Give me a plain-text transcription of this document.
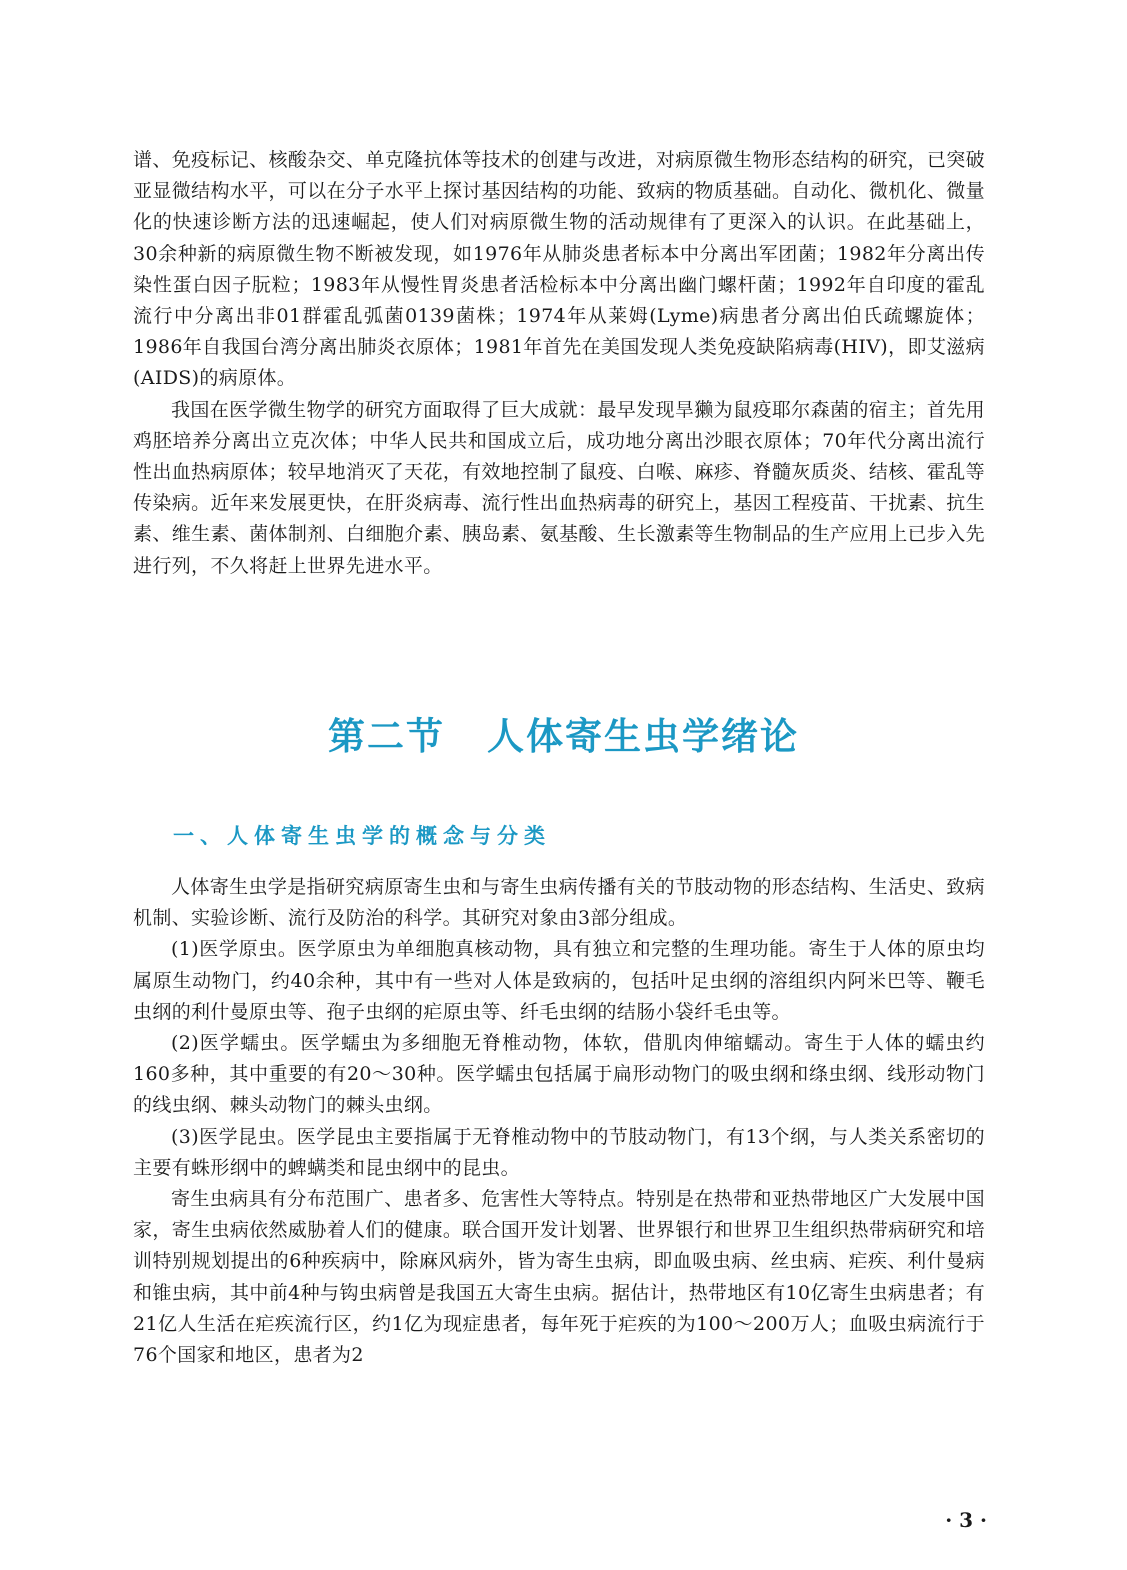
谱、免疫标记、核酸杂交、单克隆抗体等技术的创建与改进，对病原微生物形态结构的研究，已突破亚显微结构水平，可以在分子水平上探讨基因结构的功能、致病的物质基础。自动化、微机化、微量化的快速诊断方法的迅速崛起，使人们对病原微生物的活动规律有了更深入的认识。在此基础上，30余种新的病原微生物不断被发现，如1976年从肺炎患者标本中分离出军团菌；1982年分离出传染性蛋白因子朊粒；1983年从慢性胃炎患者活检标本中分离出幽门螺杆菌；1992年自印度的霍乱流行中分离出非01群霍乱弧菌0139菌株；1974年从莱姆(Lyme)病患者分离出伯氏疏螺旋体；1986年自我国台湾分离出肺炎衣原体；1981年首先在美国发现人类免疫缺陷病毒(HIV)，即艾滋病(AIDS)的病原体。

我国在医学微生物学的研究方面取得了巨大成就：最早发现旱獭为鼠疫耶尔森菌的宿主；首先用鸡胚培养分离出立克次体；中华人民共和国成立后，成功地分离出沙眼衣原体；70年代分离出流行性出血热病原体；较早地消灭了天花，有效地控制了鼠疫、白喉、麻疹、脊髓灰质炎、结核、霍乱等传染病。近年来发展更快，在肝炎病毒、流行性出血热病毒的研究上，基因工程疫苗、干扰素、抗生素、维生素、菌体制剂、白细胞介素、胰岛素、氨基酸、生长激素等生物制品的生产应用上已步入先进行列，不久将赶上世界先进水平。

第二节 人体寄生虫学绪论
一、人体寄生虫学的概念与分类

人体寄生虫学是指研究病原寄生虫和与寄生虫病传播有关的节肢动物的形态结构、生活史、致病机制、实验诊断、流行及防治的科学。其研究对象由3部分组成。

(1)医学原虫。医学原虫为单细胞真核动物，具有独立和完整的生理功能。寄生于人体的原虫均属原生动物门，约40余种，其中有一些对人体是致病的，包括叶足虫纲的溶组织内阿米巴等、鞭毛虫纲的利什曼原虫等、孢子虫纲的疟原虫等、纤毛虫纲的结肠小袋纤毛虫等。

(2)医学蠕虫。医学蠕虫为多细胞无脊椎动物，体软，借肌肉伸缩蠕动。寄生于人体的蠕虫约160多种，其中重要的有20～30种。医学蠕虫包括属于扁形动物门的吸虫纲和绦虫纲、线形动物门的线虫纲、棘头动物门的棘头虫纲。

(3)医学昆虫。医学昆虫主要指属于无脊椎动物中的节肢动物门，有13个纲，与人类关系密切的主要有蛛形纲中的蜱螨类和昆虫纲中的昆虫。

寄生虫病具有分布范围广、患者多、危害性大等特点。特别是在热带和亚热带地区广大发展中国家，寄生虫病依然威胁着人们的健康。联合国开发计划署、世界银行和世界卫生组织热带病研究和培训特别规划提出的6种疾病中，除麻风病外，皆为寄生虫病，即血吸虫病、丝虫病、疟疾、利什曼病和锥虫病，其中前4种与钩虫病曾是我国五大寄生虫病。据估计，热带地区有10亿寄生虫病患者；有21亿人生活在疟疾流行区，约1亿为现症患者，每年死于疟疾的为100～200万人；血吸虫病流行于76个国家和地区，患者为2

· 3 ·
